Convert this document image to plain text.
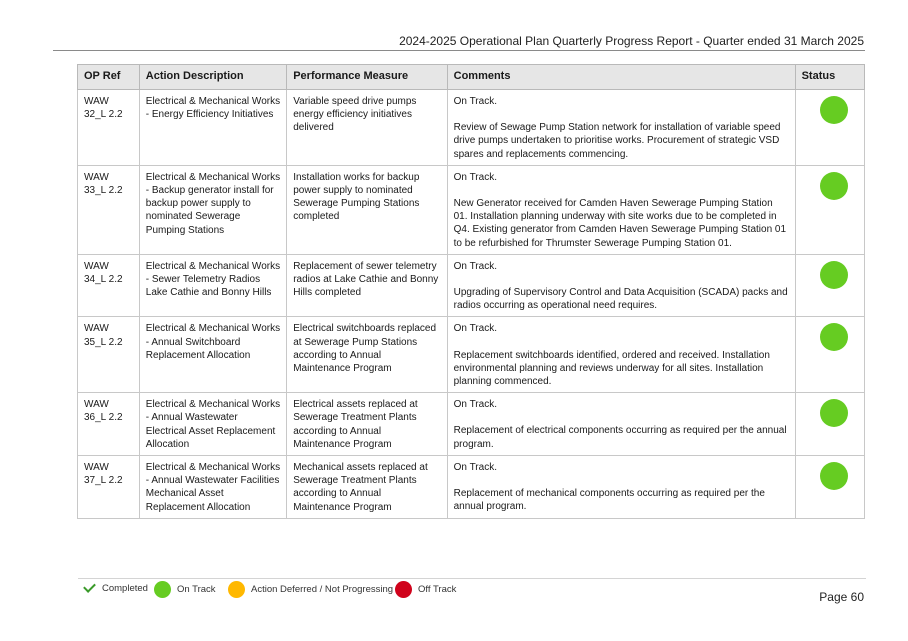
2024-2025 Operational Plan Quarterly Progress Report - Quarter ended 31 March 2025
OP Ref	Action Description	Performance Measure	Comments	Status
WAW 32_L 2.2	Electrical & Mechanical Works - Energy Efficiency Initiatives	Variable speed drive pumps energy efficiency initiatives delivered	On Track.
Review of Sewage Pump Station network for installation of variable speed drive pumps undertaken to prioritise works. Procurement of strategic VSD spares and replacements commencing.	

WAW 33_L 2.2	Electrical & Mechanical Works - Backup generator install for backup power supply to nominated Sewerage Pumping Stations	Installation works for backup power supply to nominated Sewerage Pumping Stations completed	On Track.
New Generator received for Camden Haven Sewerage Pumping Station 01. Installation planning underway with site works due to be completed in Q4. Existing generator from Camden Haven Sewerage Pumping Station 01 to be refurbished for Thrumster Sewerage Pumping Station 01.	

WAW 34_L 2.2	Electrical & Mechanical Works - Sewer Telemetry Radios Lake Cathie and Bonny Hills	Replacement of sewer telemetry radios at Lake Cathie and Bonny Hills completed	On Track.
Upgrading of Supervisory Control and Data Acquisition (SCADA) packs and radios occurring as operational need requires.	

WAW 35_L 2.2	Electrical & Mechanical Works - Annual Switchboard Replacement Allocation	Electrical switchboards replaced at Sewerage Pump Stations according to Annual Maintenance Program	On Track.
Replacement switchboards identified, ordered and received. Installation environmental planning and reviews underway for all sites. Installation planning commenced.	

WAW 36_L 2.2	Electrical & Mechanical Works - Annual Wastewater Electrical Asset Replacement Allocation	Electrical assets replaced at Sewerage Treatment Plants according to Annual Maintenance Program	On Track.
Replacement of electrical components occurring as required per the annual program.	

WAW 37_L 2.2	Electrical & Mechanical Works - Annual Wastewater Facilities Mechanical Asset Replacement Allocation	Mechanical assets replaced at Sewerage Treatment Plants according to Annual Maintenance Program	On Track.
Replacement of mechanical components occurring as required per the annual program.	

Completed	On Track	Action Deferred / Not Progressing	Off Track
Page 60
